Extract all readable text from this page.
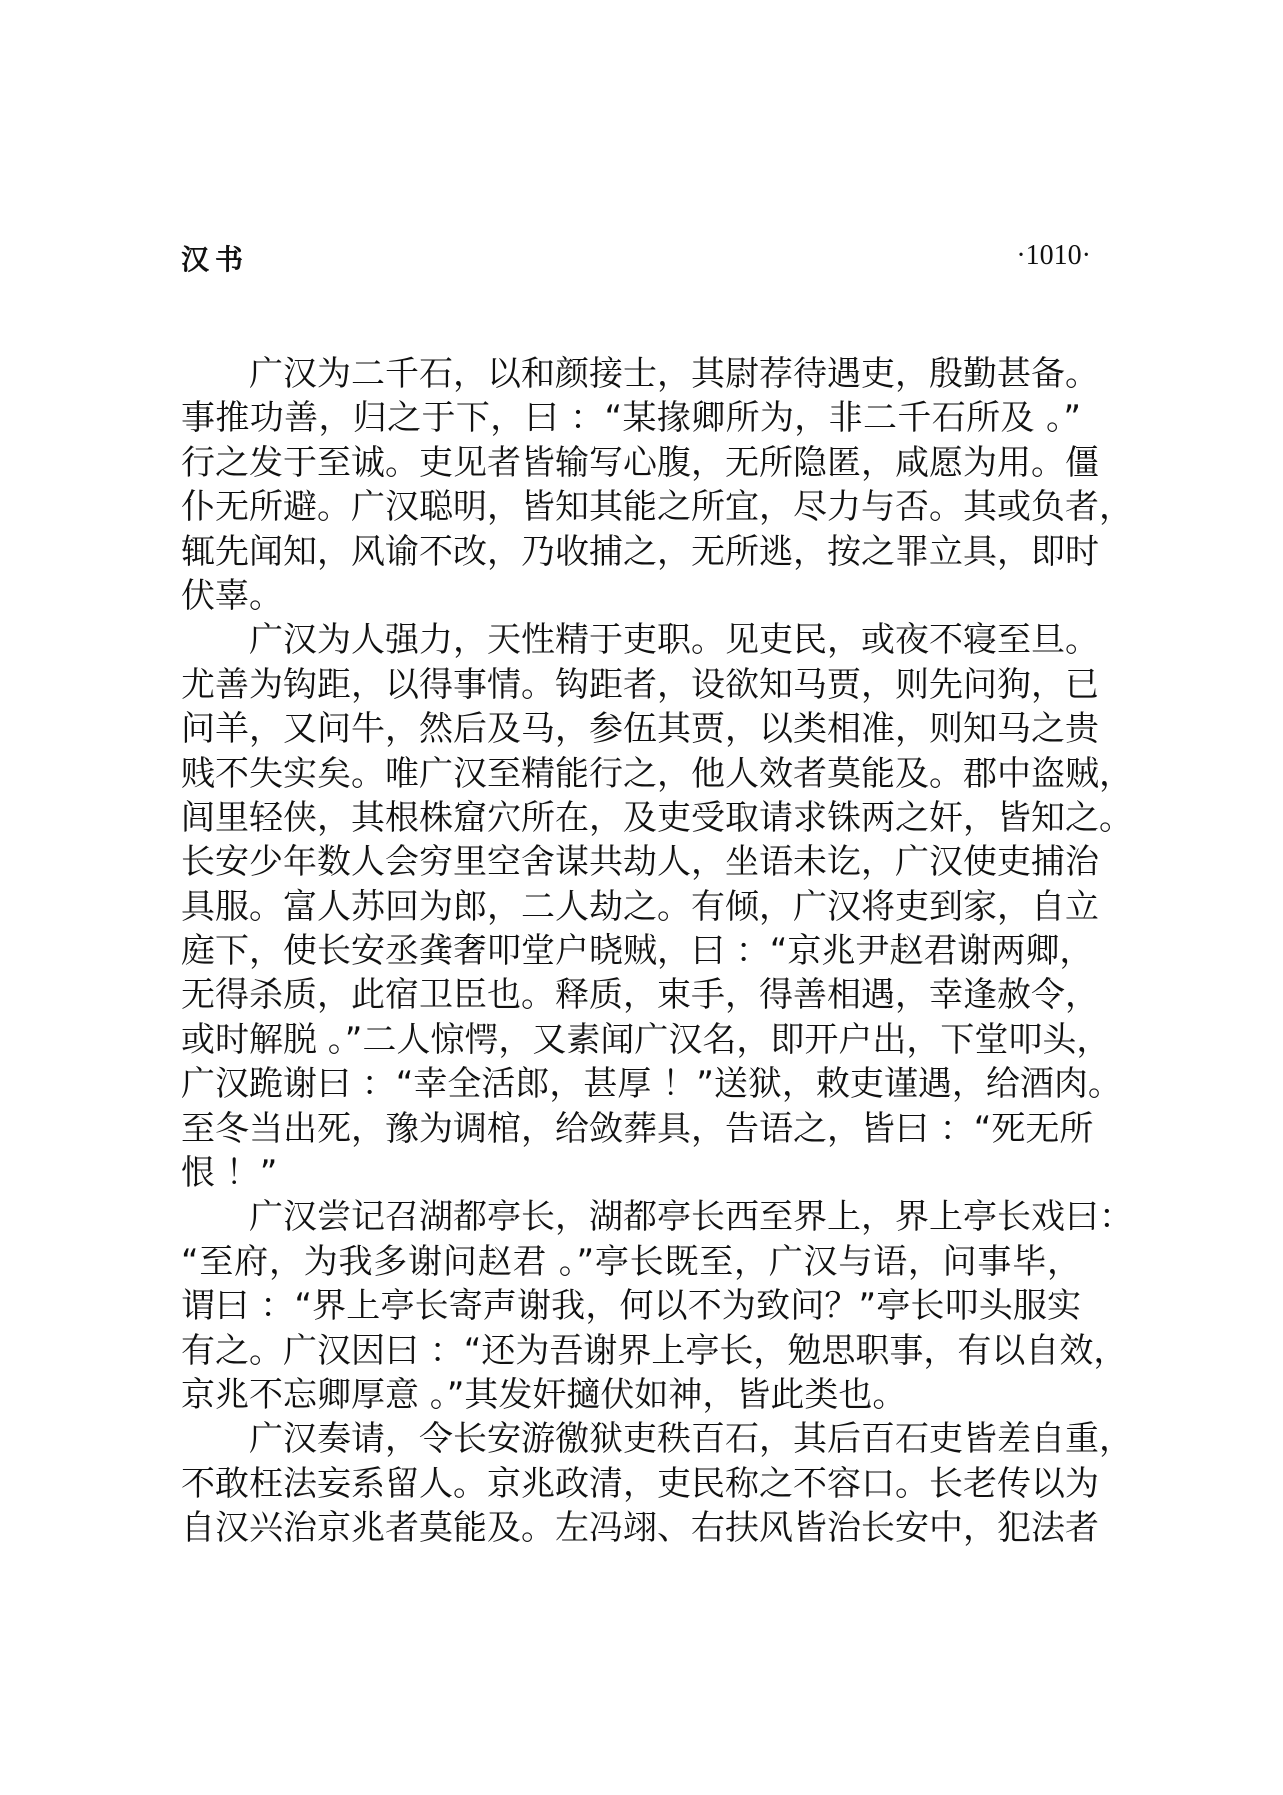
汉书	·1010·
广汉为二千石，以和颜接士，其尉荐待遇吏，殷勤甚备。
事推功善，归之于下，曰 ：“某掾卿所为，非二千石所及 。”
行之发于至诚。吏见者皆输写心腹，无所隐匿，咸愿为用。僵
仆无所避。广汉聪明，皆知其能之所宜，尽力与否。其或负者，
辄先闻知，风谕不改，乃收捕之，无所逃，按之罪立具，即时
伏辜。
广汉为人强力，天性精于吏职。见吏民，或夜不寝至旦。
尤善为钩距，以得事情。钩距者，设欲知马贾，则先问狗，已
问羊，又问牛，然后及马，参伍其贾，以类相准，则知马之贵
贱不失实矣。唯广汉至精能行之，他人效者莫能及。郡中盗贼，
闾里轻侠，其根株窟穴所在，及吏受取请求铢两之奸，皆知之。
长安少年数人会穷里空舍谋共劫人，坐语未讫，广汉使吏捕治
具服。富人苏回为郎，二人劫之。有倾，广汉将吏到家，自立
庭下，使长安丞龚奢叩堂户晓贼，曰 ：“京兆尹赵君谢两卿，
无得杀质，此宿卫臣也。释质，束手，得善相遇，幸逢赦令，
或时解脱 。”二人惊愕，又素闻广汉名，即开户出，下堂叩头，
广汉跪谢曰 ：“幸全活郎，甚厚 ！”送狱，敕吏谨遇，给酒肉。
至冬当出死，豫为调棺，给敛葬具，告语之，皆曰 ：“死无所
恨 ！”
广汉尝记召湖都亭长，湖都亭长西至界上，界上亭长戏曰：
“至府，为我多谢问赵君 。”亭长既至，广汉与语，问事毕，
谓曰 ：“界上亭长寄声谢我，何以不为致问？”亭长叩头服实
有之。广汉因曰 ：“还为吾谢界上亭长，勉思职事，有以自效，
京兆不忘卿厚意 。”其发奸擿伏如神，皆此类也。
广汉奏请，令长安游徼狱吏秩百石，其后百石吏皆差自重，
不敢枉法妄系留人。京兆政清，吏民称之不容口。长老传以为
自汉兴治京兆者莫能及。左冯翊、右扶风皆治长安中，犯法者
